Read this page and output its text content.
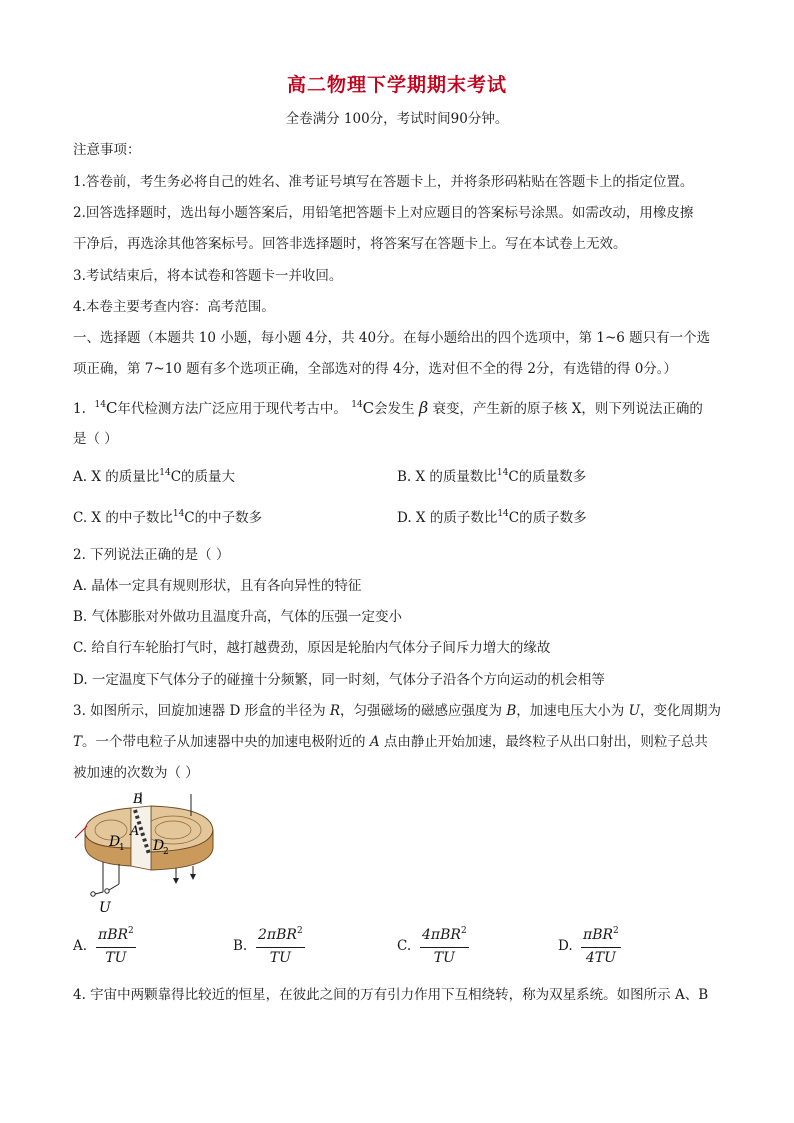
高二物理下学期期末考试
全卷满分 100分，考试时间90分钟。
注意事项：
1.答卷前，考生务必将自己的姓名、准考证号填写在答题卡上，并将条形码粘贴在答题卡上的指定位置。
2.回答选择题时，选出每小题答案后，用铅笔把答题卡上对应题目的答案标号涂黑。如需改动，用橡皮擦
干净后，再选涂其他答案标号。回答非选择题时，将答案写在答题卡上。写在本试卷上无效。
3.考试结束后，将本试卷和答题卡一并收回。
4.本卷主要考查内容：高考范围。
一、选择题（本题共 10 小题，每小题 4分，共 40分。在每小题给出的四个选项中，第 1~6 题只有一个选
项正确，第 7~10 题有多个选项正确，全部选对的得 4分，选对但不全的得 2分，有选错的得 0分。）
1. $^{14}$C年代检测方法广泛应用于现代考古中。 $^{14}$C会发生 β 衰变，产生新的原子核 X，则下列说法正确的
是（ ）
A. X 的质量比$^{14}$C的质量大	B. X 的质量数比$^{14}$C的质量数多
C. X 的中子数比$^{14}$C的中子数多	D. X 的质子数比$^{14}$C的质子数多
2. 下列说法正确的是（ ）
A. 晶体一定具有规则形状，且有各向异性的特征
B. 气体膨胀对外做功且温度升高，气体的压强一定变小
C. 给自行车轮胎打气时，越打越费劲，原因是轮胎内气体分子间斥力增大的缘故
D. 一定温度下气体分子的碰撞十分频繁，同一时刻，气体分子沿各个方向运动的机会相等
3. 如图所示，回旋加速器 D 形盒的半径为 R，匀强磁场的磁感应强度为 B，加速电压大小为 U，变化周期为
T。一个带电粒子从加速器中央的加速电极附近的 A 点由静止开始加速，最终粒子从出口射出，则粒子总共
被加速的次数为（ ）
B
A
D
1 D
2
U
A.
πBR$^2$
TU
B.
2πBR$^2$
TU
C.
4πBR$^2$
TU
D.
πBR$^2$
4TU
4. 宇宙中两颗靠得比较近的恒星，在彼此之间的万有引力作用下互相绕转，称为双星系统。如图所示 A、B
